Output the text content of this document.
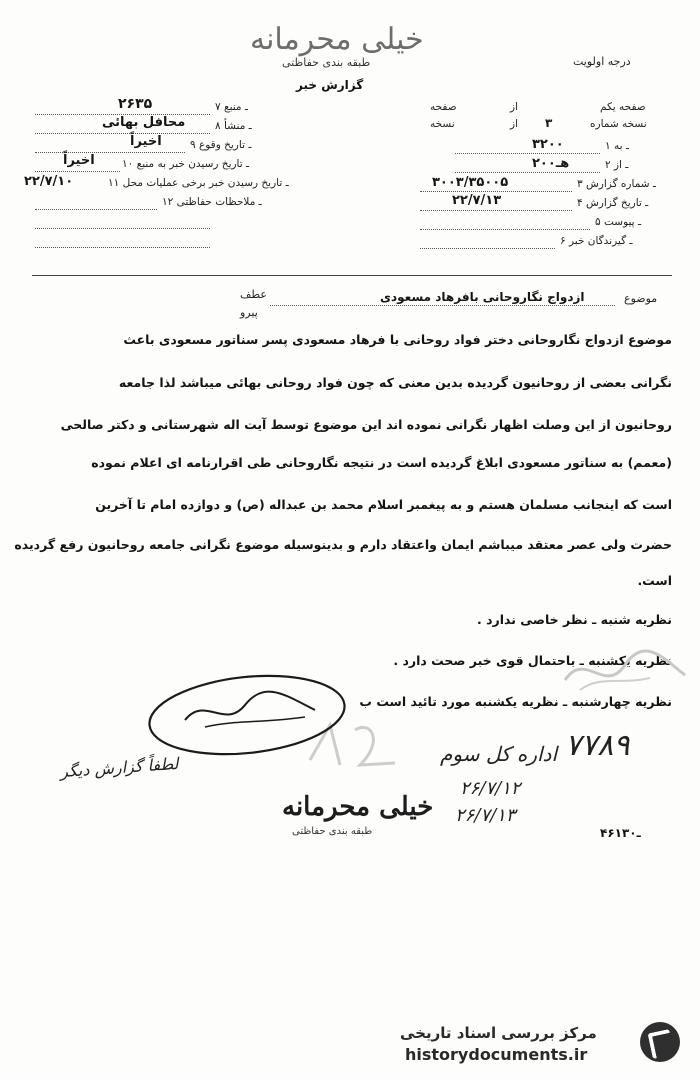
خیلی محرمانه
طبقه بندی حفاظتی
گزارش خبر
درجه اولویت
صفحه یکم
از
صفحه
نسخه شماره
۳
از
نسخه
۱ ـ به
۳۲۰۰
۲ ـ از
۲۰۰هـ
۳ ـ شماره گزارش
۳۰۰۳/۳۵۰۰۵
۴ ـ تاریخ گزارش
۲۲/۷/۱۳
۵ ـ پیوست
۶ ـ گیرندگان خبر
۷ ـ منبع
۲۶۳۵
۸ ـ منشأ
محافل بهائی
۹ ـ تاریخ وقوع
اخیراً
۱۰ ـ تاریخ رسیدن خبر به منبع
اخیراً
۱۱ ـ تاریخ رسیدن خبر برخی عملیات محل
۲۲/۷/۱۰
۱۲ ـ ملاحظات حفاظتی
موضوع
ازدواج نگاروحانی بافرهاد مسعودی
عطف
پیرو
موضوع ازدواج نگاروحانی دختر فواد روحانی با فرهاد مسعودی پسر سناتور مسعودی باعث
نگرانی بعضی از روحانیون گردیده بدین معنی که چون فواد روحانی بهائی میباشد لذا جامعه
روحانیون از این وصلت اظهار نگرانی نموده اند این موضوع توسط آیت اله شهرستانی و دکتر صالحی
(معمم) به سناتور مسعودی ابلاغ گردیده است در نتیجه نگاروحانی طی اقرارنامه ای اعلام نموده
است که اینجانب مسلمان هستم و به پیغمبر اسلام محمد بن عبداله (ص) و دوازده امام تا آخرین
حضرت ولی عصر معتقد میباشم ایمان واعتقاد دارم و بدینوسیله موضوع نگرانی جامعه روحانیون رفع گردیده
است.
نظریه شنبه ـ نظر خاصی ندارد .
نظریه یکشنبه ـ باحتمال قوی خبر صحت دارد .
نظریه چهارشنبه ـ نظریه یکشنبه مورد تائید است ب
۷۷۸۹
اداره کل سوم
۲۶/۷/۱۲
۲۶/۷/۱۳
لطفاً گزارش دیگر
خیلی محرمانه
طبقه بندی حفاظتی	۴۶ـ۱۳۰
مرکز بررسی اسناد تاریخی
historydocuments.ir
